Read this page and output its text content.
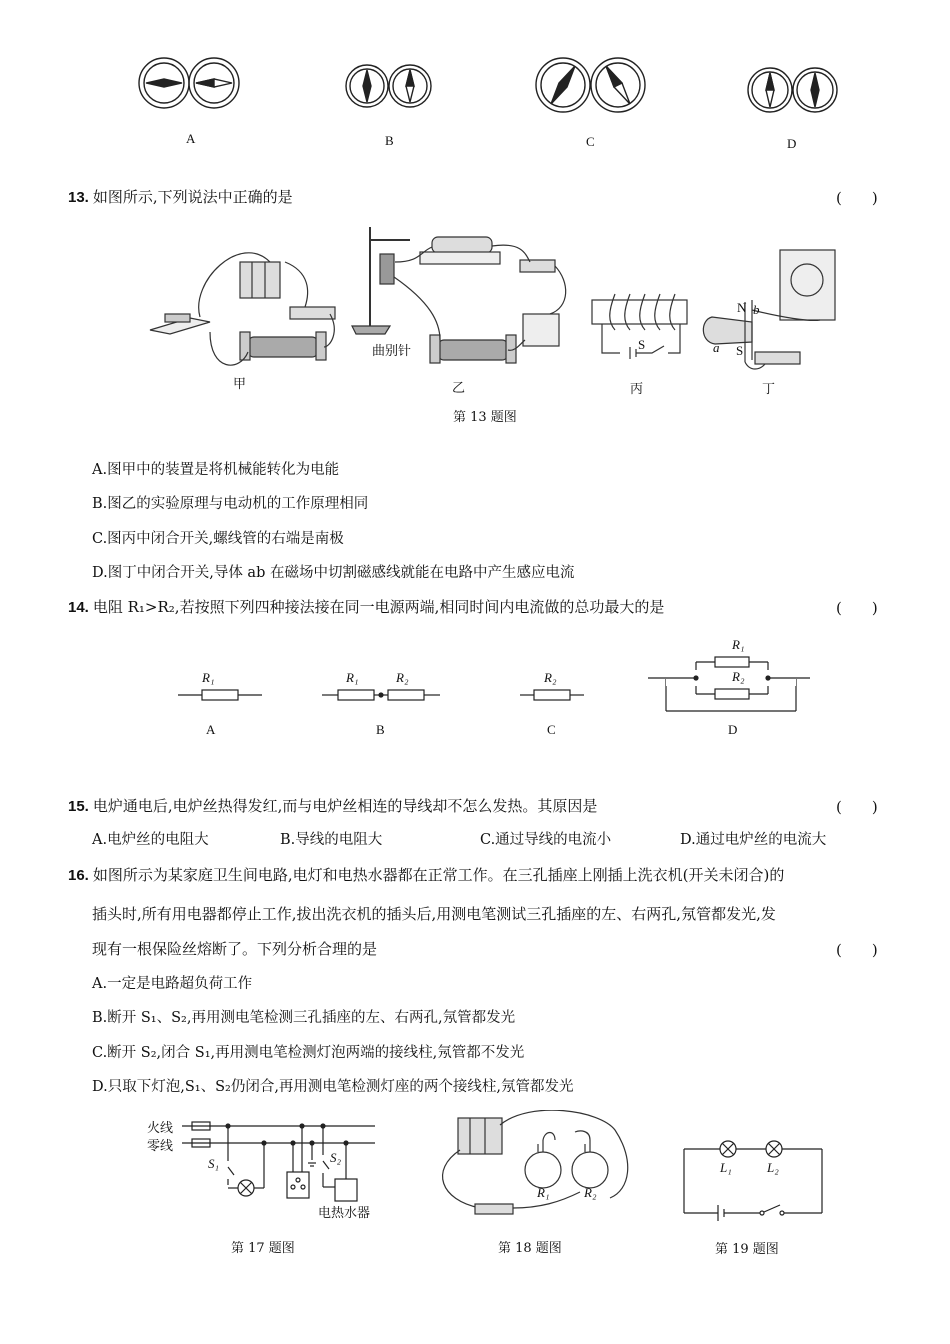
A	B	C	D
13. 如图所示,下列说法中正确的是	(　　)
曲别针	S
N
S
a
b
甲	乙	丙	丁
第 13 题图
A.图甲中的装置是将机械能转化为电能
B.图乙的实验原理与电动机的工作原理相同
C.图丙中闭合开关,螺线管的右端是南极
D.图丁中闭合开关,导体 ab 在磁场中切割磁感线就能在电路中产生感应电流
14. 电阻 R₁>R₂,若按照下列四种接法接在同一电源两端,相同时间内电流做的总功最大的是	(　　)
R₁	R₁	R₂	R₂
R₁
R₂
A	B	C	D
15. 电炉通电后,电炉丝热得发红,而与电炉丝相连的导线却不怎么发热。其原因是	(　　)
A.电炉丝的电阻大	B.导线的电阻大	C.通过导线的电流小	D.通过电炉丝的电流大
16. 如图所示为某家庭卫生间电路,电灯和电热水器都在正常工作。在三孔插座上刚插上洗衣机(开关未闭合)的
插头时,所有用电器都停止工作,拔出洗衣机的插头后,用测电笔测试三孔插座的左、右两孔,氖管都发光,发
现有一根保险丝熔断了。下列分析合理的是	(　　)
A.一定是电路超负荷工作
B.断开 S₁、S₂,再用测电笔检测三孔插座的左、右两孔,氖管都发光
C.断开 S₂,闭合 S₁,再用测电笔检测灯泡两端的接线柱,氖管都不发光
D.只取下灯泡,S₁、S₂仍闭合,再用测电笔检测灯座的两个接线柱,氖管都发光
火线
零线
S₁	S₂
电热水器
第 17 题图
R₁	R₂
第 18 题图
L₁	L₂
第 19 题图
